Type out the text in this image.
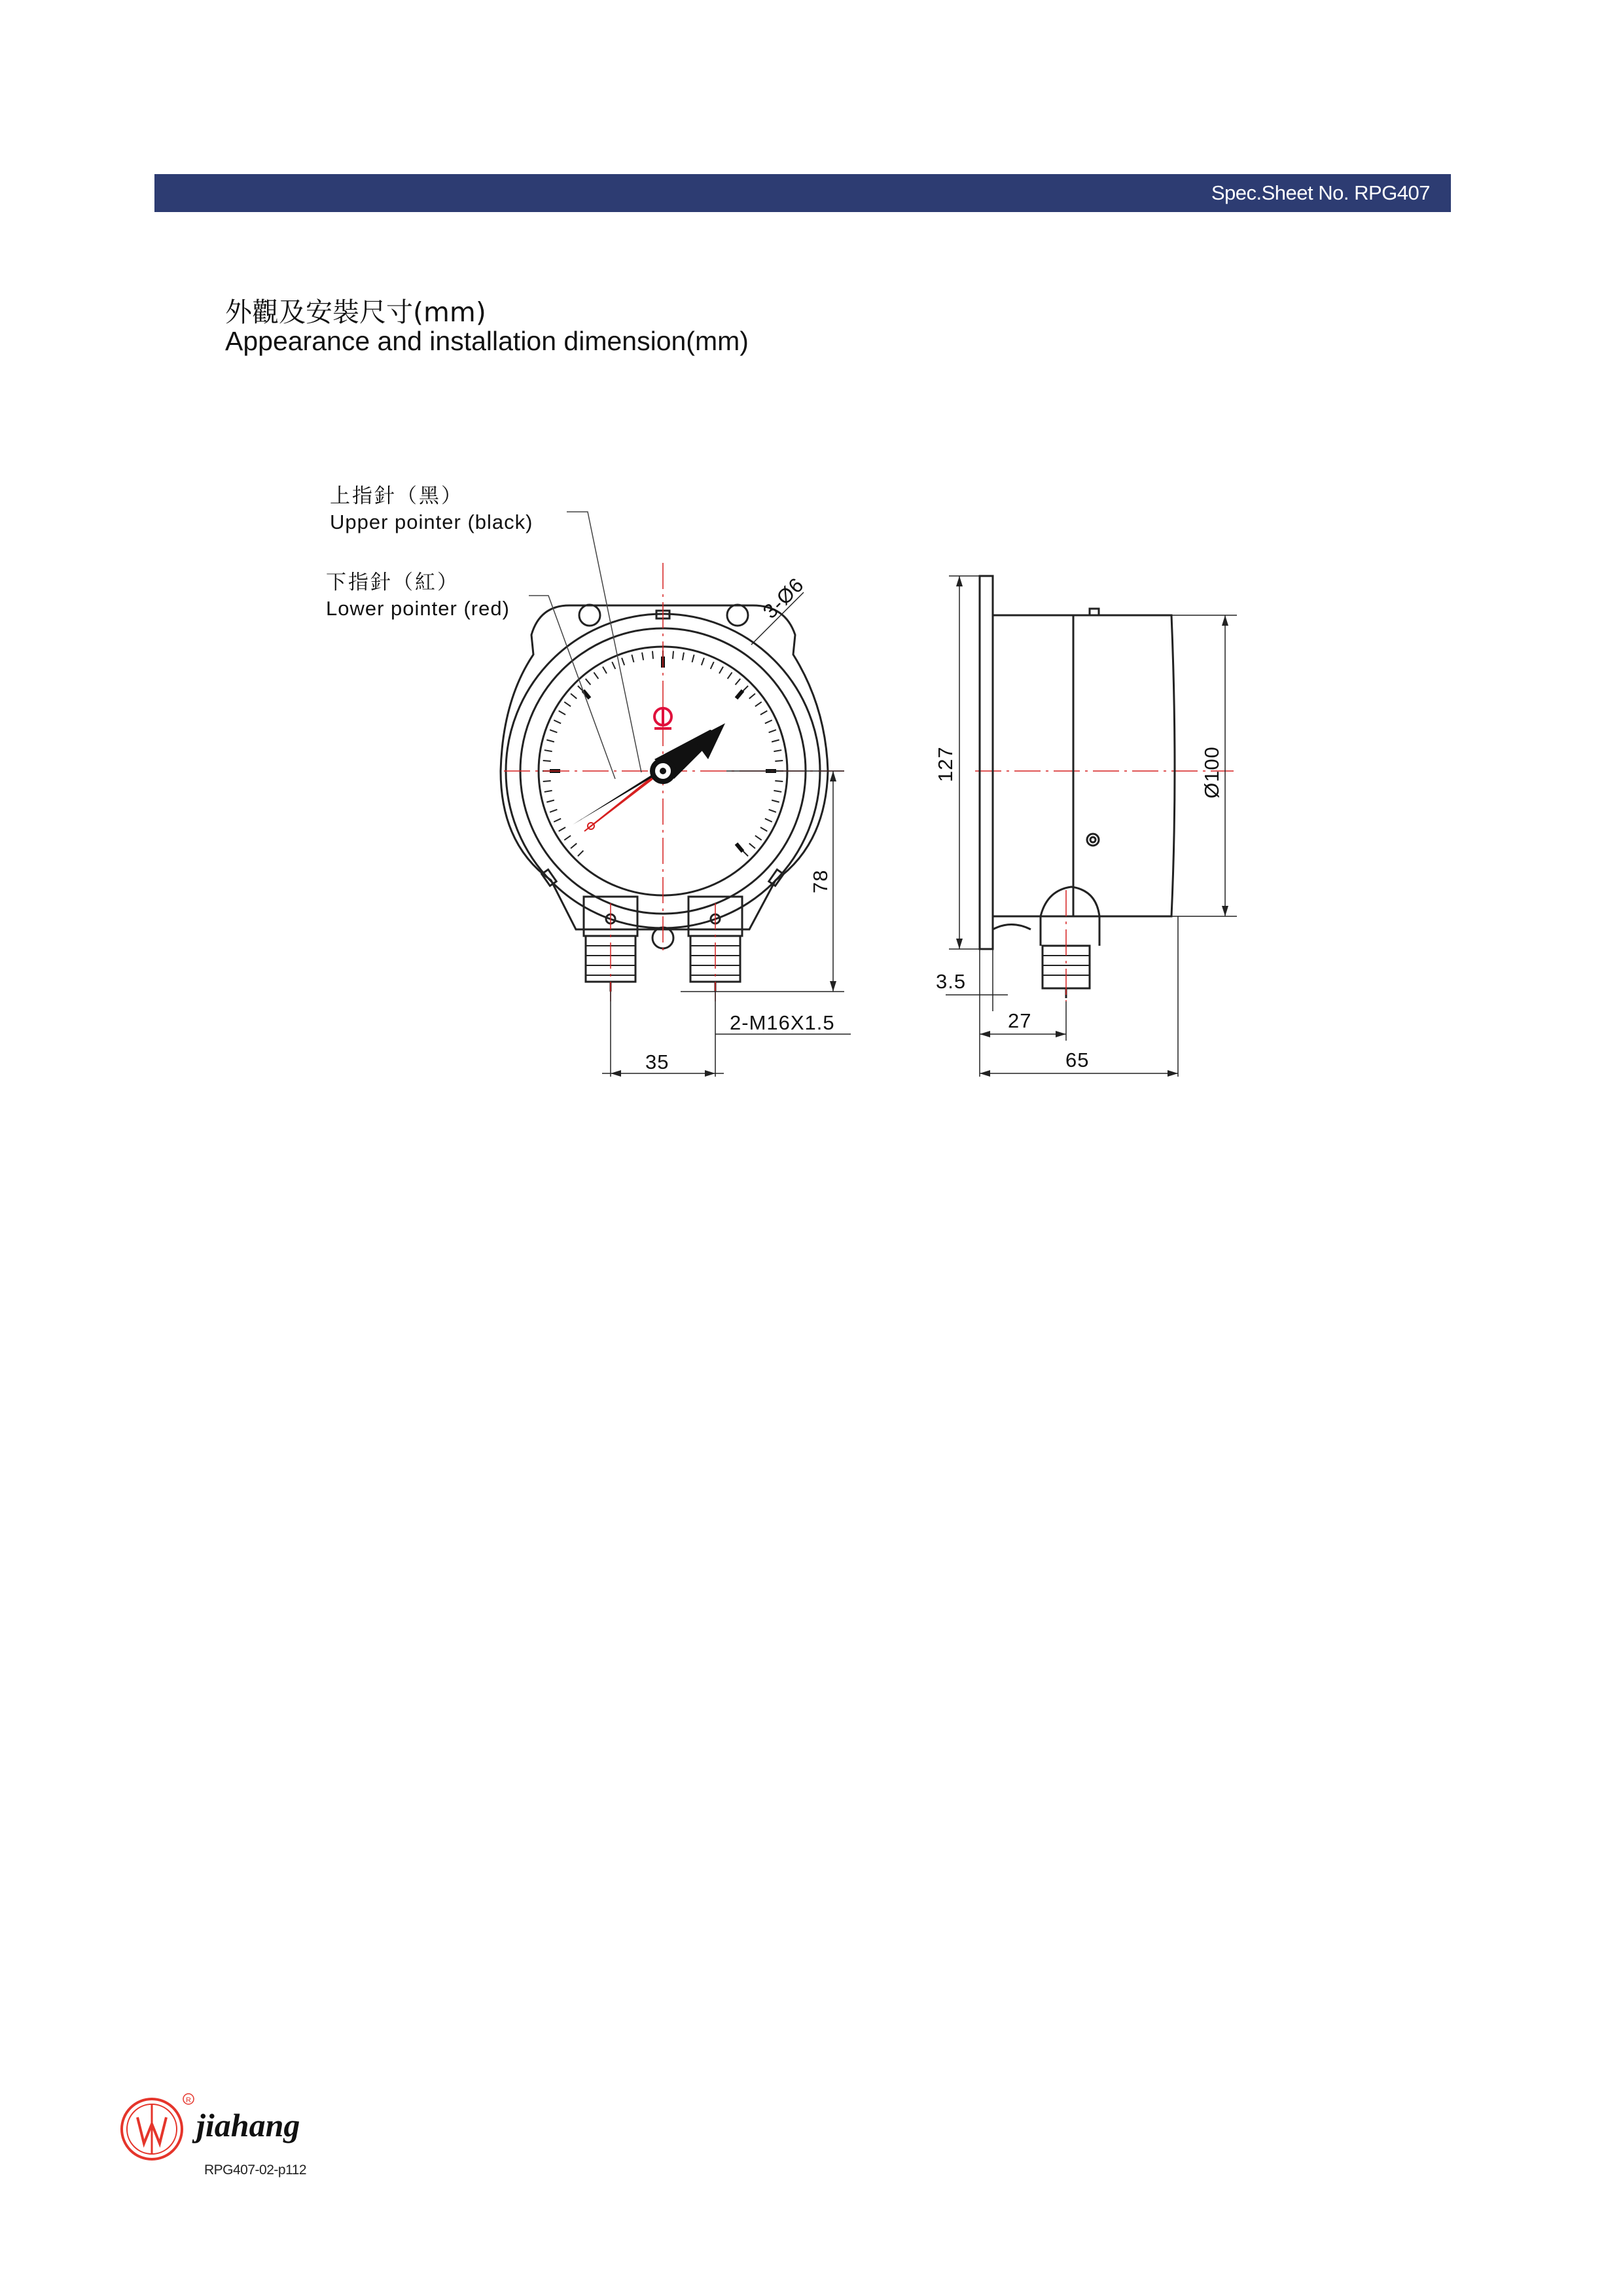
Spec.Sheet No. RPG407
外觀及安裝尺寸(mm)
Appearance and installation dimension(mm)
上指針（黑）
Upper pointer (black)
下指針（紅）
Lower pointer (red)	3-Ø6
78
2-M16X1.5
35
127
3.5
27
65
Ø100
R
jiahang
RPG407-02-p112
